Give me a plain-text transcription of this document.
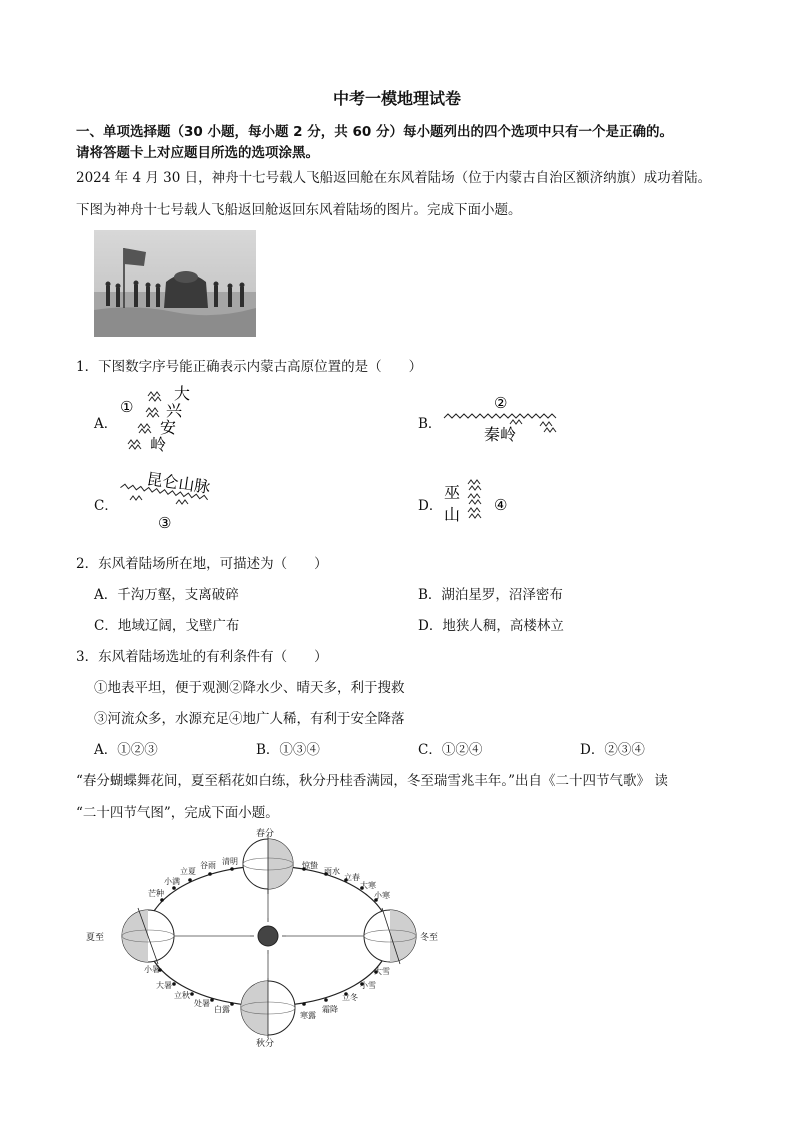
中考一模地理试卷
一、单项选择题（30 小题，每小题 2 分，共 60 分）每小题列出的四个选项中只有一个是正确的。
请将答题卡上对应题目所选的选项涂黑。
2024 年 4 月 30 日，神舟十七号载人飞船返回舱在东风着陆场（位于内蒙古自治区额济纳旗）成功着陆。
下图为神舟十七号载人飞船返回舱返回东风着陆场的图片。完成下面小题。
1．下图数字序号能正确表示内蒙古高原位置的是（　　）
A．
①
大
兴
安
岭
B．
②
秦岭
C．
昆仑山脉
③
D．
巫
山 ④
2．东风着陆场所在地，可描述为（　　）
A．千沟万壑，支离破碎	B．湖泊星罗，沼泽密布
C．地域辽阔，戈壁广布	D．地狭人稠，高楼林立
3．东风着陆场选址的有利条件有（　　）
①地表平坦，便于观测②降水少、晴天多，利于搜救
③河流众多，水源充足④地广人稀，有利于安全降落
A．①②③	B．①③④	C．①②④	D．②③④
“春分蝴蝶舞花间，夏至稻花如白练，秋分丹桂香满园，冬至瑞雪兆丰年。”出自《二十四节气歌》 读
“二十四节气图”，完成下面小题。
春分
夏至
秋分
冬至
清明
谷雨
立夏
小满
芒种
小暑
大暑
立秋
处暑
白露
寒露
霜降
立冬
小雪
大雪
小寒
大寒
立春
雨水
惊蛰
